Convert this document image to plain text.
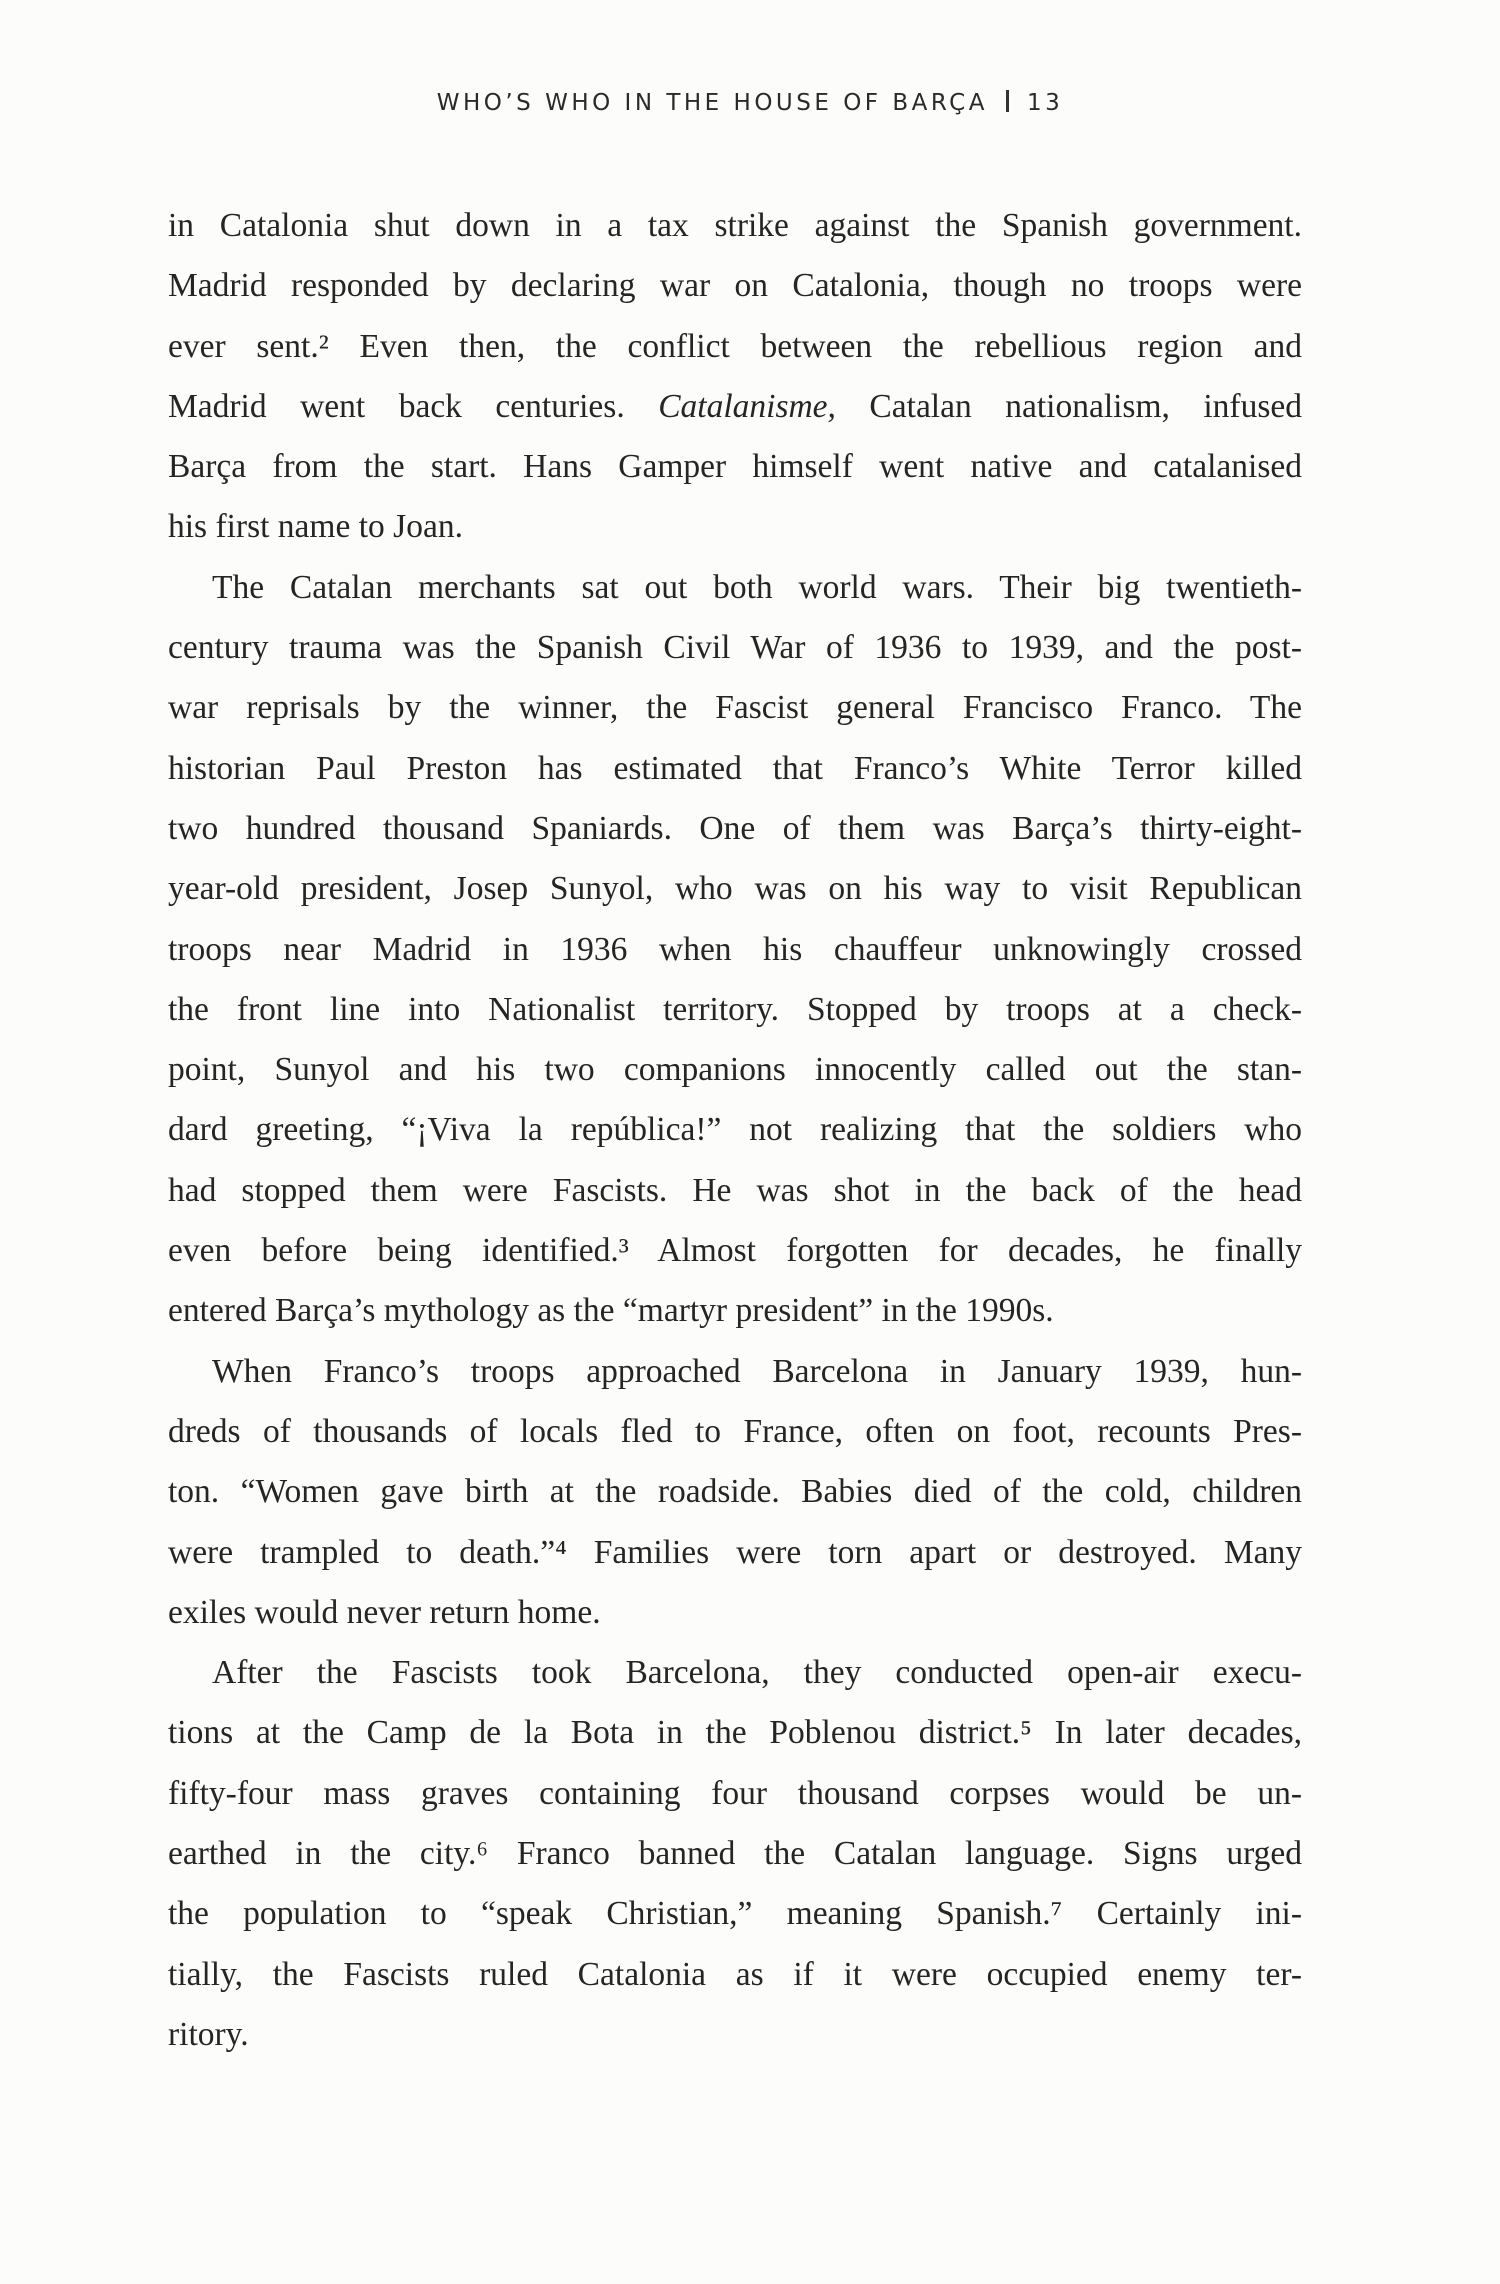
WHO’S WHO IN THE HOUSE OF BARÇA 13
in Catalonia shut down in a tax strike against the Spanish government.
Madrid responded by declaring war on Catalonia, though no troops were
ever sent.² Even then, the conflict between the rebellious region and
Madrid went back centuries. Catalanisme, Catalan nationalism, infused
Barça from the start. Hans Gamper himself went native and catalanised
his first name to Joan.
The Catalan merchants sat out both world wars. Their big twentieth-
century trauma was the Spanish Civil War of 1936 to 1939, and the post-
war reprisals by the winner, the Fascist general Francisco Franco. The
historian Paul Preston has estimated that Franco’s White Terror killed
two hundred thousand Spaniards. One of them was Barça’s thirty-eight-
year-old president, Josep Sunyol, who was on his way to visit Republican
troops near Madrid in 1936 when his chauffeur unknowingly crossed
the front line into Nationalist territory. Stopped by troops at a check-
point, Sunyol and his two companions innocently called out the stan-
dard greeting, “¡Viva la república!” not realizing that the soldiers who
had stopped them were Fascists. He was shot in the back of the head
even before being identified.³ Almost forgotten for decades, he finally
entered Barça’s mythology as the “martyr president” in the 1990s.
When Franco’s troops approached Barcelona in January 1939, hun-
dreds of thousands of locals fled to France, often on foot, recounts Pres-
ton. “Women gave birth at the roadside. Babies died of the cold, children
were trampled to death.”⁴ Families were torn apart or destroyed. Many
exiles would never return home.
After the Fascists took Barcelona, they conducted open-air execu-
tions at the Camp de la Bota in the Poblenou district.⁵ In later decades,
fifty-four mass graves containing four thousand corpses would be un-
earthed in the city.⁶ Franco banned the Catalan language. Signs urged
the population to “speak Christian,” meaning Spanish.⁷ Certainly ini-
tially, the Fascists ruled Catalonia as if it were occupied enemy ter-
ritory.
